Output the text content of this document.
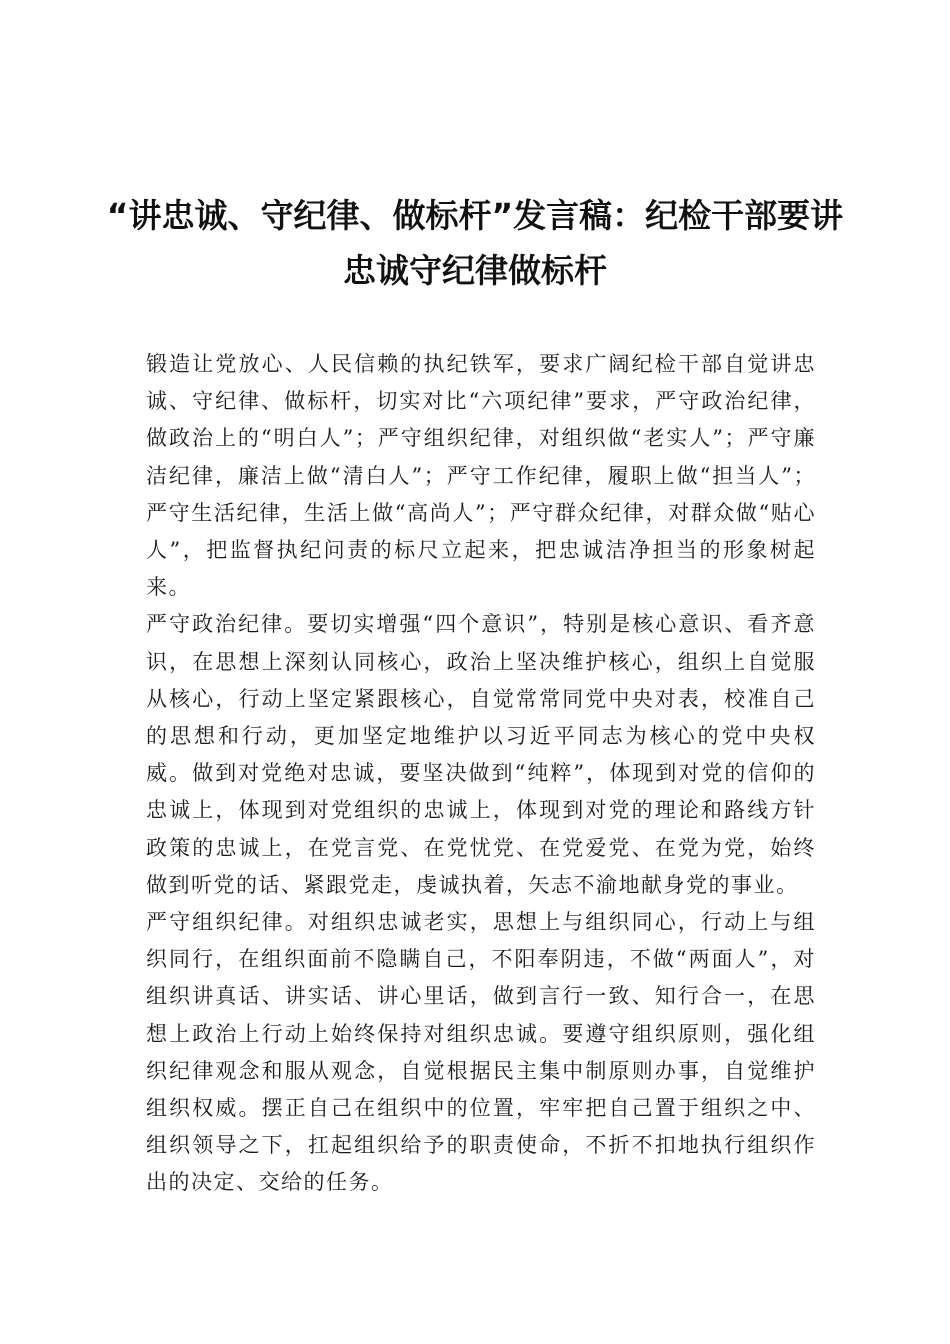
“讲忠诚、守纪律、做标杆”发言稿：纪检干部要讲忠诚守纪律做标杆

锻造让党放心、人民信赖的执纪铁军，要求广阔纪检干部自觉讲忠诚、守纪律、做标杆，切实对比“六项纪律”要求，严守政治纪律，做政治上的“明白人”；严守组织纪律，对组织做“老实人”；严守廉洁纪律，廉洁上做“清白人”；严守工作纪律，履职上做“担当人”；严守生活纪律，生活上做“高尚人”；严守群众纪律，对群众做“贴心人”，把监督执纪问责的标尺立起来，把忠诚洁净担当的形象树起来。

严守政治纪律。要切实增强“四个意识”，特别是核心意识、看齐意识，在思想上深刻认同核心，政治上坚决维护核心，组织上自觉服从核心，行动上坚定紧跟核心，自觉常常同党中央对表，校准自己的思想和行动，更加坚定地维护以习近平同志为核心的党中央权威。做到对党绝对忠诚，要坚决做到“纯粹”，体现到对党的信仰的忠诚上，体现到对党组织的忠诚上，体现到对党的理论和路线方针政策的忠诚上，在党言党、在党忧党、在党爱党、在党为党，始终做到听党的话、紧跟党走，虔诚执着，矢志不渝地献身党的事业。

严守组织纪律。对组织忠诚老实，思想上与组织同心，行动上与组织同行，在组织面前不隐瞒自己，不阳奉阴违，不做“两面人”，对组织讲真话、讲实话、讲心里话，做到言行一致、知行合一，在思想上政治上行动上始终保持对组织忠诚。要遵守组织原则，强化组织纪律观念和服从观念，自觉根据民主集中制原则办事，自觉维护组织权威。摆正自己在组织中的位置，牢牢把自己置于组织之中、组织领导之下，扛起组织给予的职责使命，不折不扣地执行组织作出的决定、交给的任务。
